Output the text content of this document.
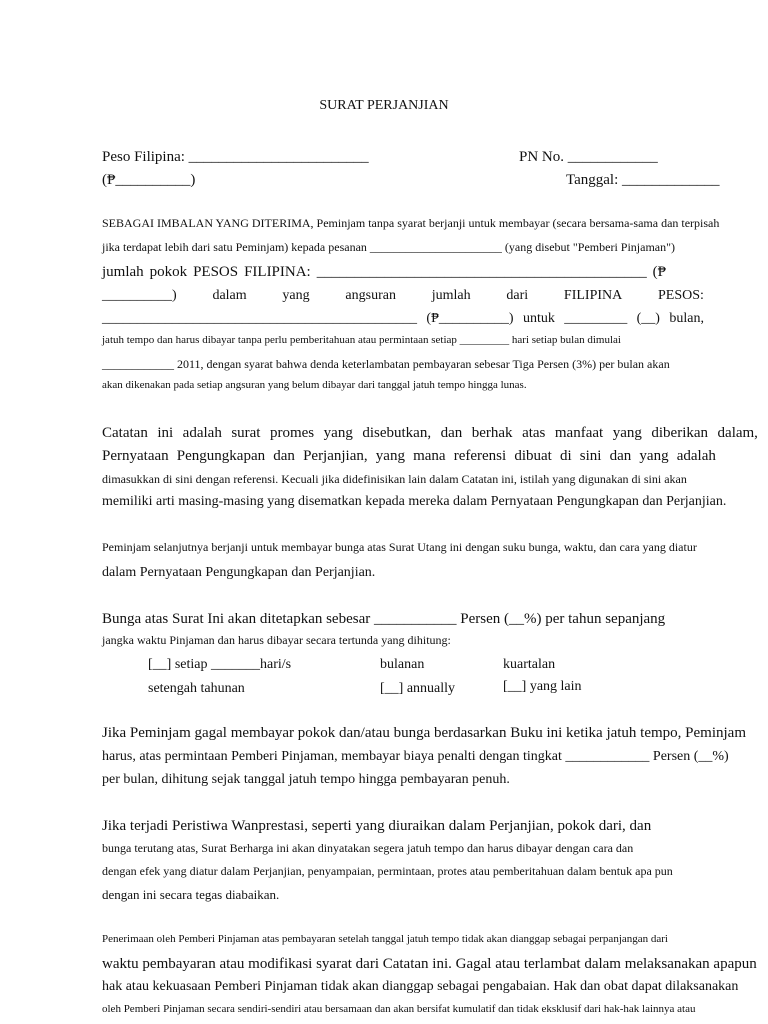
SURAT PERJANJIAN
Peso Filipina: ________________________	PN No. ____________
(₱__________)	Tanggal: _____________
SEBAGAI IMBALAN YANG DITERIMA, Peminjam tanpa syarat berjanji untuk membayar (secara bersama-sama dan terpisah
jika terdapat lebih dari satu Peminjam) kepada pesanan ______________________ (yang disebut "Pemberi Pinjaman")
jumlah pokok PESOS FILIPINA: ____________________________________________ (₱
__________)	dalam	yang	angsuran	jumlah	dari	FILIPINA	PESOS:
_____________________________________________ (₱__________) untuk _________ (__) bulan,
jatuh tempo dan harus dibayar tanpa perlu pemberitahuan atau permintaan setiap _________ hari setiap bulan dimulai
____________ 2011, dengan syarat bahwa denda keterlambatan pembayaran sebesar Tiga Persen (3%) per bulan akan
akan dikenakan pada setiap angsuran yang belum dibayar dari tanggal jatuh tempo hingga lunas.
Catatan ini adalah surat promes yang disebutkan, dan berhak atas manfaat yang diberikan dalam,
Pernyataan Pengungkapan dan Perjanjian, yang mana referensi dibuat di sini dan yang adalah
dimasukkan di sini dengan referensi. Kecuali jika didefinisikan lain dalam Catatan ini, istilah yang digunakan di sini akan
memiliki arti masing-masing yang disematkan kepada mereka dalam Pernyataan Pengungkapan dan Perjanjian.
Peminjam selanjutnya berjanji untuk membayar bunga atas Surat Utang ini dengan suku bunga, waktu, dan cara yang diatur
dalam Pernyataan Pengungkapan dan Perjanjian.
Bunga atas Surat Ini akan ditetapkan sebesar ___________ Persen (__%) per tahun sepanjang
jangka waktu Pinjaman dan harus dibayar secara tertunda yang dihitung:
[__] setiap _______hari/s	bulanan	kuartalan
setengah tahunan	[__] annually	[__] yang lain
Jika Peminjam gagal membayar pokok dan/atau bunga berdasarkan Buku ini ketika jatuh tempo, Peminjam
harus, atas permintaan Pemberi Pinjaman, membayar biaya penalti dengan tingkat ____________ Persen (__%)
per bulan, dihitung sejak tanggal jatuh tempo hingga pembayaran penuh.
Jika terjadi Peristiwa Wanprestasi, seperti yang diuraikan dalam Perjanjian, pokok dari, dan
bunga terutang atas, Surat Berharga ini akan dinyatakan segera jatuh tempo dan harus dibayar dengan cara dan
dengan efek yang diatur dalam Perjanjian, penyampaian, permintaan, protes atau pemberitahuan dalam bentuk apa pun
dengan ini secara tegas diabaikan.
Penerimaan oleh Pemberi Pinjaman atas pembayaran setelah tanggal jatuh tempo tidak akan dianggap sebagai perpanjangan dari
waktu pembayaran atau modifikasi syarat dari Catatan ini. Gagal atau terlambat dalam melaksanakan apapun
hak atau kekuasaan Pemberi Pinjaman tidak akan dianggap sebagai pengabaian. Hak dan obat dapat dilaksanakan
oleh Pemberi Pinjaman secara sendiri-sendiri atau bersamaan dan akan bersifat kumulatif dan tidak eksklusif dari hak-hak lainnya atau
